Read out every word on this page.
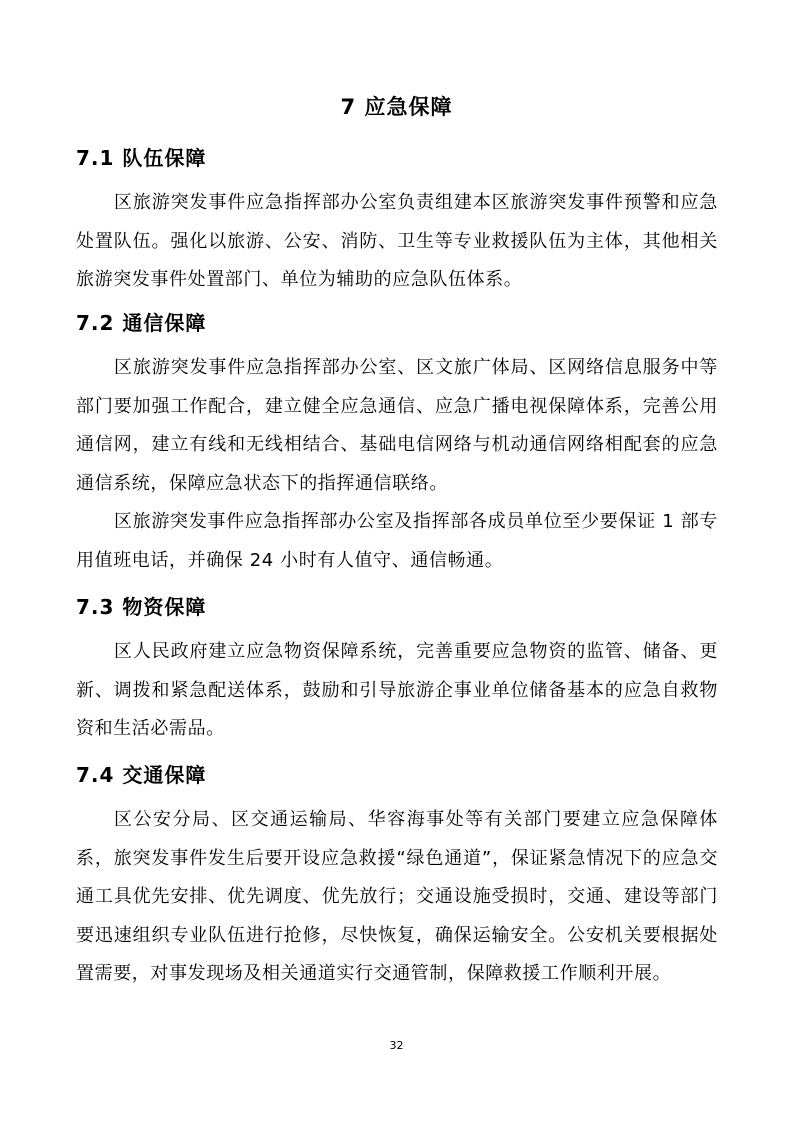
7 应急保障
7.1 队伍保障

区旅游突发事件应急指挥部办公室负责组建本区旅游突发事件预警和应急处置队伍。强化以旅游、公安、消防、卫生等专业救援队伍为主体，其他相关旅游突发事件处置部门、单位为辅助的应急队伍体系。

7.2 通信保障

区旅游突发事件应急指挥部办公室、区文旅广体局、区网络信息服务中等部门要加强工作配合，建立健全应急通信、应急广播电视保障体系，完善公用通信网，建立有线和无线相结合、基础电信网络与机动通信网络相配套的应急通信系统，保障应急状态下的指挥通信联络。

区旅游突发事件应急指挥部办公室及指挥部各成员单位至少要保证 1 部专用值班电话，并确保 24 小时有人值守、通信畅通。

7.3 物资保障

区人民政府建立应急物资保障系统，完善重要应急物资的监管、储备、更新、调拨和紧急配送体系，鼓励和引导旅游企事业单位储备基本的应急自救物资和生活必需品。

7.4 交通保障

区公安分局、区交通运输局、华容海事处等有关部门要建立应急保障体系，旅突发事件发生后要开设应急救援“绿色通道”，保证紧急情况下的应急交通工具优先安排、优先调度、优先放行；交通设施受损时，交通、建设等部门要迅速组织专业队伍进行抢修，尽快恢复，确保运输安全。公安机关要根据处置需要，对事发现场及相关通道实行交通管制，保障救援工作顺利开展。

32
